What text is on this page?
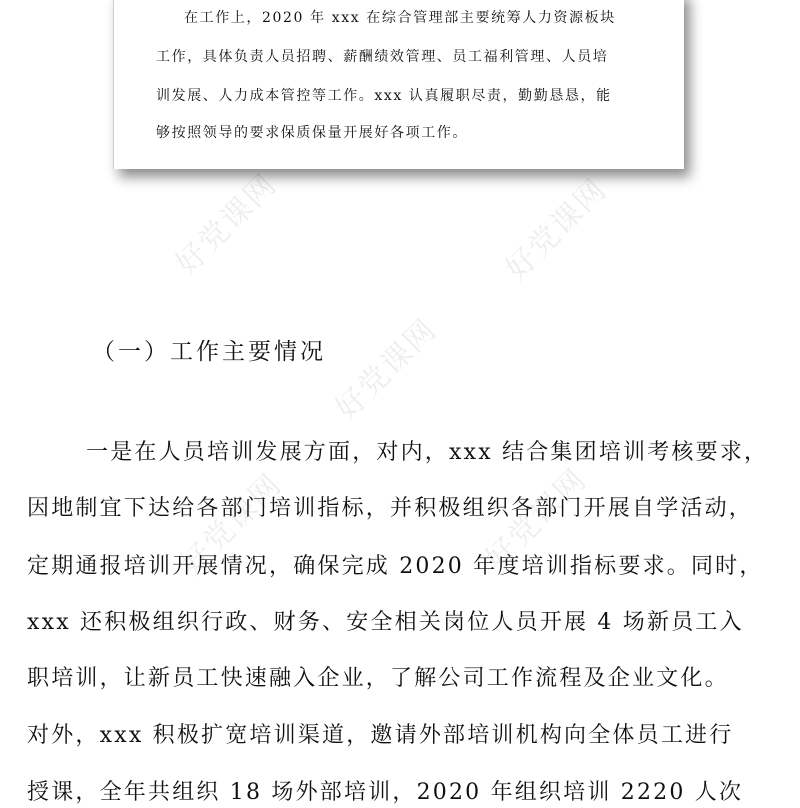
在工作上，2020 年 xxx 在综合管理部主要统筹人力资源板块
工作，具体负责人员招聘、薪酬绩效管理、员工福利管理、人员培
训发展、人力成本管控等工作。xxx 认真履职尽责，勤勤恳恳，能
够按照领导的要求保质保量开展好各项工作。
（一）工作主要情况
一是在人员培训发展方面，对内，xxx 结合集团培训考核要求，
因地制宜下达给各部门培训指标，并积极组织各部门开展自学活动，
定期通报培训开展情况，确保完成 2020 年度培训指标要求。同时，
xxx 还积极组织行政、财务、安全相关岗位人员开展 4 场新员工入
职培训，让新员工快速融入企业，了解公司工作流程及企业文化。
对外，xxx 积极扩宽培训渠道，邀请外部培训机构向全体员工进行
授课，全年共组织 18 场外部培训，2020 年组织培训 2220 人次
好党课网	好党课网
好党课网
好党课网	好党课网
